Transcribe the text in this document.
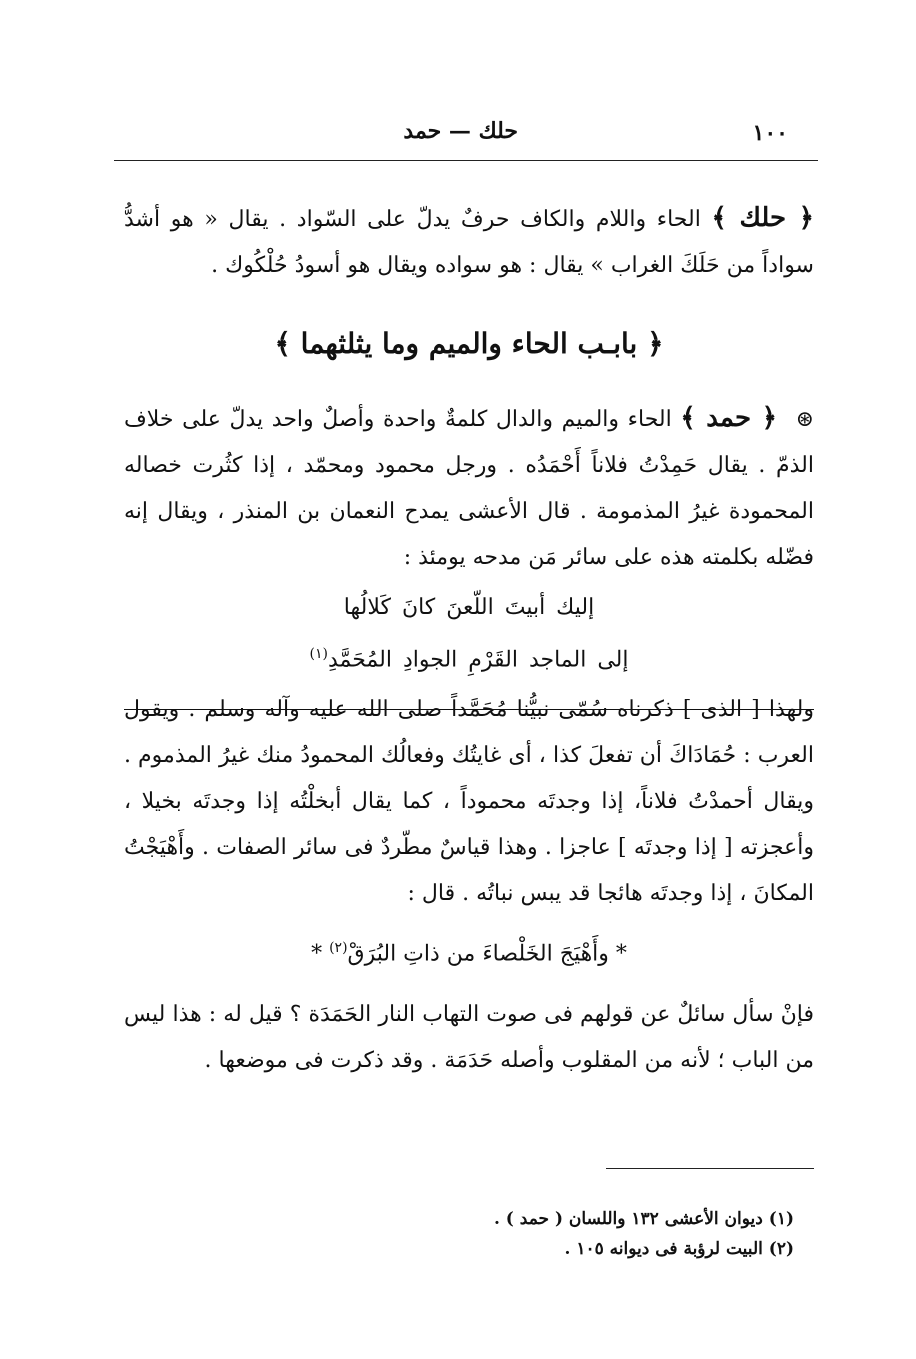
١٠٠
حلك — حمد

﴿ حلك ﴾ الحاء واللام والكاف حرفٌ يدلّ على السّواد . يقال « هو أشدُّ سواداً من حَلَكَ الغراب » يقال : هو سواده ويقال هو أسودُ حُلْكُوك .

﴿ بابـب الحاء والميم وما يثلثهما ﴾

⊛ ﴿ حمد ﴾ الحاء والميم والدال كلمةٌ واحدة وأصلٌ واحد يدلّ على خلاف الذمّ . يقال حَمِدْتُ فلاناً أَحْمَدُه . ورجل محمود ومحمّد ، إذا كثُرت خصاله المحمودة غيرُ المذمومة . قال الأعشى يمدح النعمان بن المنذر ، ويقال إنه فضّله بكلمته هذه على سائر مَن مدحه يومئذ :

إليك أبيتَ اللّعنَ كانَ كَلالُها إلى الماجد القَرْمِ الجوادِ المُحَمَّدِ$^{(١)}$

ولهذا [ الذى ] ذكرناه سُمّى نبيُّنا مُحَمَّداً صلى الله عليه وآله وسلم . ويقول العرب : حُمَادَاكَ أن تفعلَ كذا ، أى غايتُك وفعالُك المحمودُ منك غيرُ المذموم . ويقال أحمدْتُ فلاناً، إذا وجدتَه محموداً ، كما يقال أبخلْتُه إذا وجدتَه بخيلا ، وأعجزته [ إذا وجدتَه ] عاجزا . وهذا قياسٌ مطّردٌ فى سائر الصفات . وأَهْيَجْتُ المكانَ ، إذا وجدتَه هائجا قد يبس نباتُه . قال :

* وأَهْيَجَ الخَلْصاءَ من ذاتِ البُرَقْ$^{(٢)}$ *

فإنْ سأل سائلٌ عن قولهم فى صوت التهاب النار الحَمَدَة ؟ قيل له : هذا ليس من الباب ؛ لأنه من المقلوب وأصله حَدَمَة . وقد ذكرت فى موضعها .

(١) ديوان الأعشى ١٣٢ واللسان ( حمد ) .

(٢) البيت لرؤبة فى ديوانه ١٠٥ .
